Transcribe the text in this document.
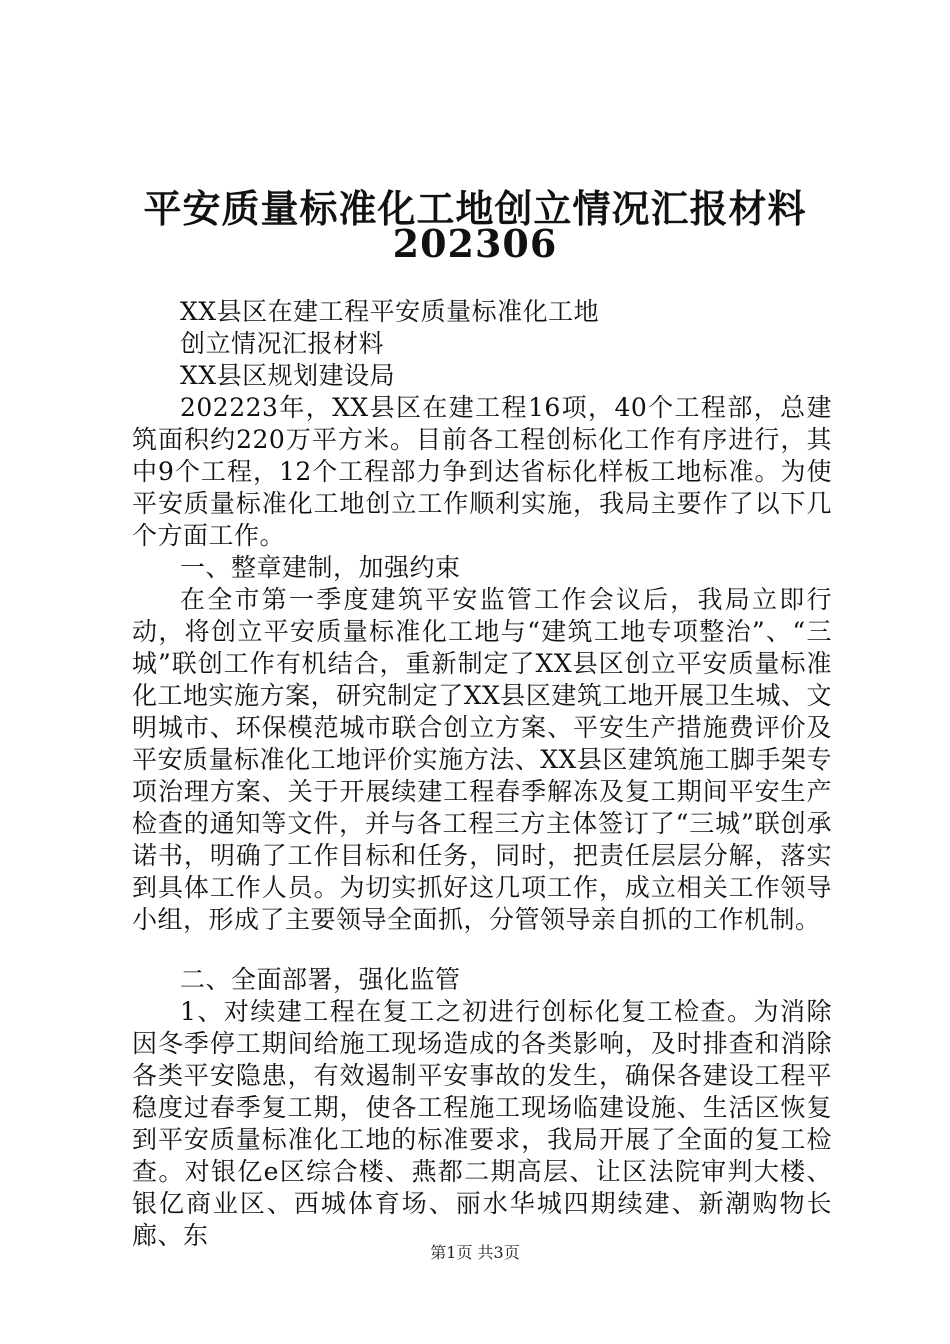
平安质量标准化工地创立情况汇报材料
202306
XX县区在建工程平安质量标准化工地
创立情况汇报材料
XX县区规划建设局

202223年，XX县区在建工程16项，40个工程部，总建筑面积约220万平方米。目前各工程创标化工作有序进行，其中9个工程，12个工程部力争到达省标化样板工地标准。为使平安质量标准化工地创立工作顺利实施，我局主要作了以下几个方面工作。

一、整章建制，加强约束

在全市第一季度建筑平安监管工作会议后，我局立即行动，将创立平安质量标准化工地与“建筑工地专项整治”、“三城”联创工作有机结合，重新制定了XX县区创立平安质量标准化工地实施方案，研究制定了XX县区建筑工地开展卫生城、文明城市、环保模范城市联合创立方案、平安生产措施费评价及平安质量标准化工地评价实施方法、XX县区建筑施工脚手架专项治理方案、关于开展续建工程春季解冻及复工期间平安生产检查的通知等文件，并与各工程三方主体签订了“三城”联创承诺书，明确了工作目标和任务，同时，把责任层层分解，落实到具体工作人员。为切实抓好这几项工作，成立相关工作领导小组，形成了主要领导全面抓，分管领导亲自抓的工作机制。

二、全面部署，强化监管

1、对续建工程在复工之初进行创标化复工检查。为消除因冬季停工期间给施工现场造成的各类影响，及时排查和消除各类平安隐患，有效遏制平安事故的发生，确保各建设工程平稳度过春季复工期，使各工程施工现场临建设施、生活区恢复到平安质量标准化工地的标准要求，我局开展了全面的复工检查。对银亿e区综合楼、燕都二期高层、让区法院审判大楼、银亿商业区、西城体育场、丽水华城四期续建、新潮购物长廊、东

第1页 共3页
